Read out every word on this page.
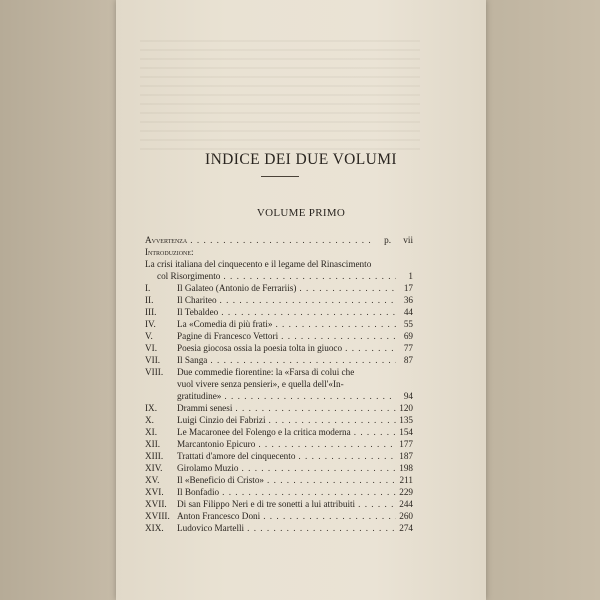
INDICE DEI DUE VOLUMI
VOLUME PRIMO
Avvertenza . . .	p.	vii
Introduzione:
La crisi italiana del cinquecento e il legame del Rinascimento
col Risorgimento . . .	1
I.	Il Galateo (Antonio de Ferrariis) . . .	17
II.	Il Chariteo . . .	36
III.	Il Tebaldeo . . .	44
IV.	La «Comedia di più frati» . . .	55
V.	Pagine di Francesco Vettori . . .	69
VI.	Poesia giocosa ossia la poesia tolta in giuoco . . .	77
VII.	Il Sanga . . .	87
VIII.	Due commedie fiorentine: la «Farsa di colui che
vuol vivere senza pensieri», e quella dell'«In-
gratitudine» . . .	94
IX.	Drammi senesi . . .	120
X.	Luigi Cinzio dei Fabrizi . . .	135
XI.	Le Macaronee del Folengo e la critica moderna . . .	154
XII.	Marcantonio Epicuro . . .	177
XIII.	Trattati d'amore del cinquecento . . .	187
XIV.	Girolamo Muzio . . .	198
XV.	Il «Beneficio di Cristo» . . .	211
XVI.	Il Bonfadio . . .	229
XVII.	Di san Filippo Neri e di tre sonetti a lui attribuiti . . .	244
XVIII. Anton Francesco Doni . . .	260
XIX.	Ludovico Martelli . . .	274
